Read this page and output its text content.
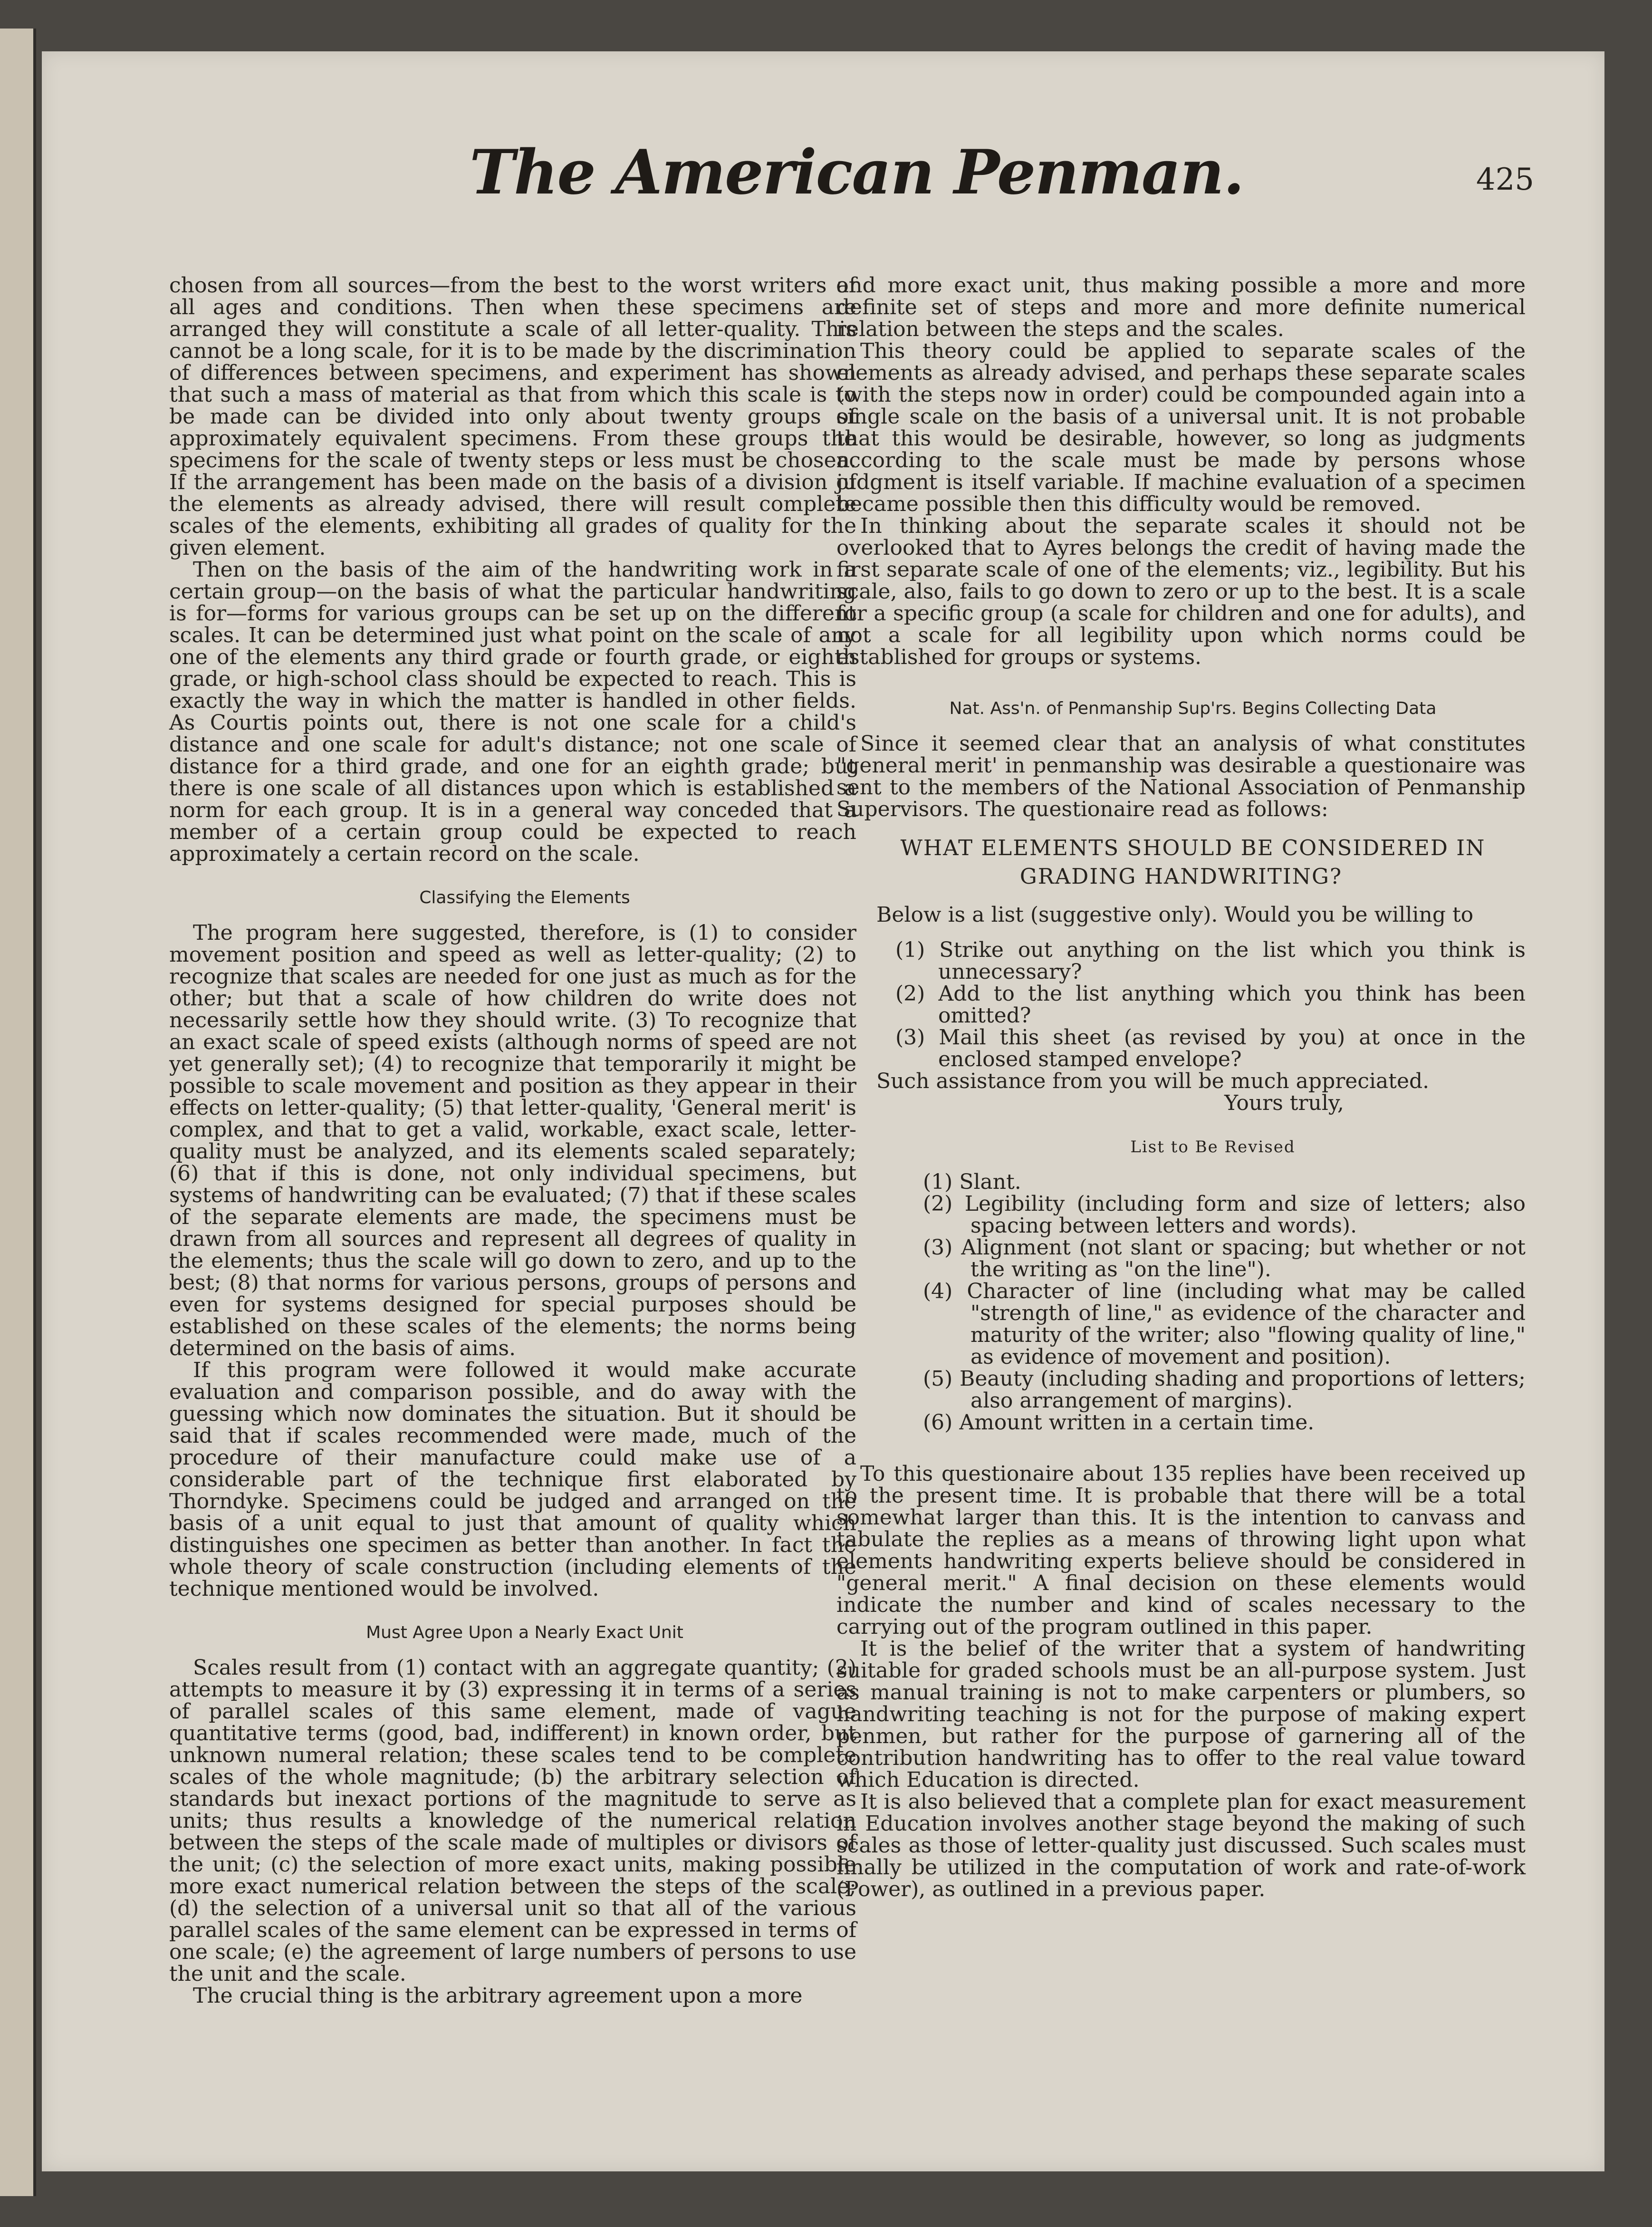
The American Penman.	425

chosen from all sources—from the best to the worst writers of all ages and conditions. Then when these specimens are arranged they will constitute a scale of all letter-quality. This cannot be a long scale, for it is to be made by the discrimination of differences between specimens, and experiment has shown that such a mass of material as that from which this scale is to be made can be divided into only about twenty groups of approximately equivalent specimens. From these groups the specimens for the scale of twenty steps or less must be chosen. If the arrangement has been made on the basis of a division of the elements as already advised, there will result complete scales of the elements, exhibiting all grades of quality for the given element.

Then on the basis of the aim of the handwriting work in a certain group—on the basis of what the particular handwriting is for—forms for various groups can be set up on the different scales. It can be determined just what point on the scale of any one of the elements any third grade or fourth grade, or eighth grade, or high-school class should be expected to reach. This is exactly the way in which the matter is handled in other fields. As Courtis points out, there is not one scale for a child's distance and one scale for adult's distance; not one scale of distance for a third grade, and one for an eighth grade; but there is one scale of all distances upon which is established a norm for each group. It is in a general way conceded that a member of a certain group could be expected to reach approximately a certain record on the scale.

Classifying the Elements

The program here suggested, therefore, is (1) to consider movement position and speed as well as letter-quality; (2) to recognize that scales are needed for one just as much as for the other; but that a scale of how children do write does not necessarily settle how they should write. (3) To recognize that an exact scale of speed exists (although norms of speed are not yet generally set); (4) to recognize that temporarily it might be possible to scale movement and position as they appear in their effects on letter-quality; (5) that letter-quality, 'General merit' is complex, and that to get a valid, workable, exact scale, letter-quality must be analyzed, and its elements scaled separately; (6) that if this is done, not only individual specimens, but systems of handwriting can be evaluated; (7) that if these scales of the separate elements are made, the specimens must be drawn from all sources and represent all degrees of quality in the elements; thus the scale will go down to zero, and up to the best; (8) that norms for various persons, groups of persons and even for systems designed for special purposes should be established on these scales of the elements; the norms being determined on the basis of aims.

If this program were followed it would make accurate evaluation and comparison possible, and do away with the guessing which now dominates the situation. But it should be said that if scales recommended were made, much of the procedure of their manufacture could make use of a considerable part of the technique first elaborated by Thorndyke. Specimens could be judged and arranged on the basis of a unit equal to just that amount of quality which distinguishes one specimen as better than another. In fact the whole theory of scale construction (including elements of the technique mentioned would be involved.

Must Agree Upon a Nearly Exact Unit

Scales result from (1) contact with an aggregate quantity; (2) attempts to measure it by (3) expressing it in terms of a series of parallel scales of this same element, made of vague quantitative terms (good, bad, indifferent) in known order, but unknown numeral relation; these scales tend to be complete scales of the whole magnitude; (b) the arbitrary selection of standards but inexact portions of the magnitude to serve as units; thus results a knowledge of the numerical relation between the steps of the scale made of multiples or divisors of the unit; (c) the selection of more exact units, making possible more exact numerical relation between the steps of the scale; (d) the selection of a universal unit so that all of the various parallel scales of the same element can be expressed in terms of one scale; (e) the agreement of large numbers of persons to use the unit and the scale.

The crucial thing is the arbitrary agreement upon a more

and more exact unit, thus making possible a more and more definite set of steps and more and more definite numerical relation between the steps and the scales.

This theory could be applied to separate scales of the elements as already advised, and perhaps these separate scales (with the steps now in order) could be compounded again into a single scale on the basis of a universal unit. It is not probable that this would be desirable, however, so long as judgments according to the scale must be made by persons whose judgment is itself variable. If machine evaluation of a specimen became possible then this difficulty would be removed.

In thinking about the separate scales it should not be overlooked that to Ayres belongs the credit of having made the first separate scale of one of the elements; viz., legibility. But his scale, also, fails to go down to zero or up to the best. It is a scale for a specific group (a scale for children and one for adults), and not a scale for all legibility upon which norms could be established for groups or systems.

Nat. Ass'n. of Penmanship Sup'rs. Begins Collecting Data

Since it seemed clear that an analysis of what constitutes "general merit' in penmanship was desirable a questionaire was sent to the members of the National Association of Penmanship Supervisors. The questionaire read as follows:

WHAT ELEMENTS SHOULD BE CONSIDERED IN GRADING HANDWRITING?

Below is a list (suggestive only). Would you be willing to

(1) Strike out anything on the list which you think is unnecessary?

(2) Add to the list anything which you think has been omitted?

(3) Mail this sheet (as revised by you) at once in the enclosed stamped envelope?

Such assistance from you will be much appreciated.

Yours truly,

List to Be Revised

(1) Slant.

(2) Legibility (including form and size of letters; also spacing between letters and words).

(3) Alignment (not slant or spacing; but whether or not the writing as "on the line").

(4) Character of line (including what may be called "strength of line," as evidence of the character and maturity of the writer; also "flowing quality of line," as evidence of movement and position).

(5) Beauty (including shading and proportions of letters; also arrangement of margins).

(6) Amount written in a certain time.

To this questionaire about 135 replies have been received up to the present time. It is probable that there will be a total somewhat larger than this. It is the intention to canvass and tabulate the replies as a means of throwing light upon what elements handwriting experts believe should be considered in "general merit." A final decision on these elements would indicate the number and kind of scales necessary to the carrying out of the program outlined in this paper.

It is the belief of the writer that a system of handwriting suitable for graded schools must be an all-purpose system. Just as manual training is not to make carpenters or plumbers, so handwriting teaching is not for the purpose of making expert penmen, but rather for the purpose of garnering all of the contribution handwriting has to offer to the real value toward which Education is directed.

It is also believed that a complete plan for exact measurement in Education involves another stage beyond the making of such scales as those of letter-quality just discussed. Such scales must finally be utilized in the computation of work and rate-of-work (Power), as outlined in a previous paper.
